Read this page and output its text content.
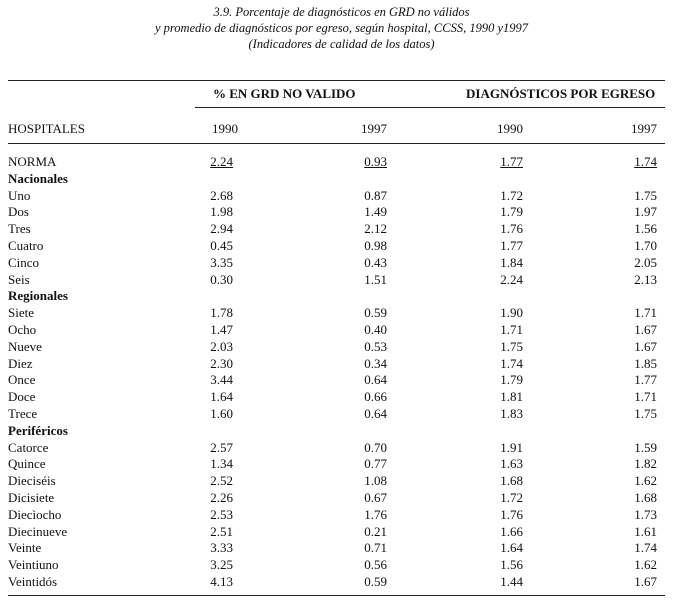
3.9. Porcentaje de diagnósticos en GRD no válidos
y promedio de diagnósticos por egreso, según hospital, CCSS, 1990 y1997
(Indicadores de calidad de los datos)
% EN GRD NO VALIDO	DIAGNÓSTICOS POR EGRESO
HOSPITALES	1990	1997	1990	1997
NORMA	2.24	0.93	1.77	1.74
Nacionales
Uno	2.68	0.87	1.72	1.75
Dos	1.98	1.49	1.79	1.97
Tres	2.94	2.12	1.76	1.56
Cuatro	0.45	0.98	1.77	1.70
Cinco	3.35	0.43	1.84	2.05
Seis	0.30	1.51	2.24	2.13
Regionales
Siete	1.78	0.59	1.90	1.71
Ocho	1.47	0.40	1.71	1.67
Nueve	2.03	0.53	1.75	1.67
Diez	2.30	0.34	1.74	1.85
Once	3.44	0.64	1.79	1.77
Doce	1.64	0.66	1.81	1.71
Trece	1.60	0.64	1.83	1.75
Periféricos
Catorce	2.57	0.70	1.91	1.59
Quince	1.34	0.77	1.63	1.82
Dieciséis	2.52	1.08	1.68	1.62
Dicisiete	2.26	0.67	1.72	1.68
Diecìocho	2.53	1.76	1.76	1.73
Diecinueve	2.51	0.21	1.66	1.61
Veinte	3.33	0.71	1.64	1.74
Veintiuno	3.25	0.56	1.56	1.62
Veintidós	4.13	0.59	1.44	1.67
